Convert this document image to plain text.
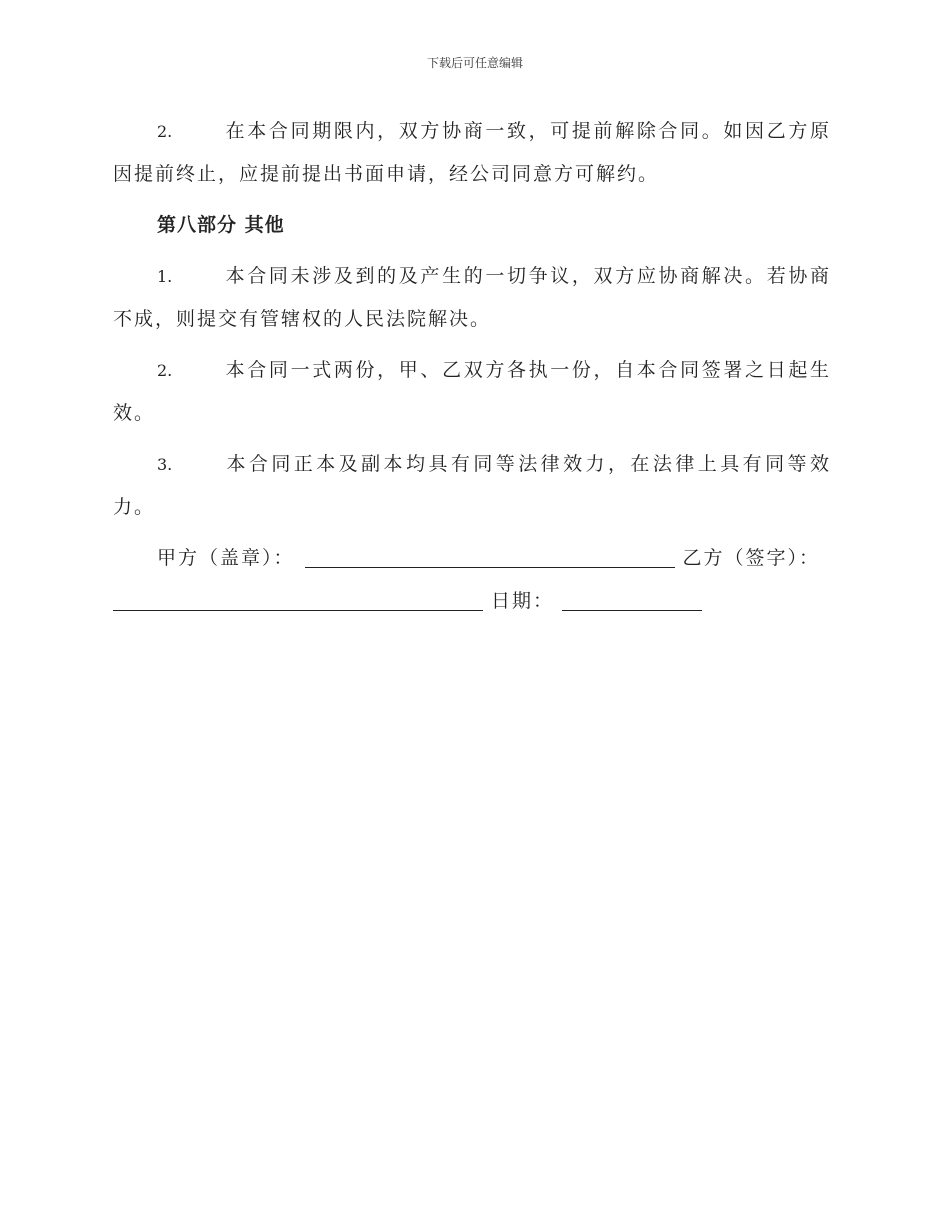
下载后可任意编辑

2.	在本合同期限内，双方协商一致，可提前解除合同。如因乙方原因提前终止，应提前提出书面申请，经公司同意方可解约。

第八部分 其他

1.	本合同未涉及到的及产生的一切争议，双方应协商解决。若协商不成，则提交有管辖权的人民法院解决。

2.	本合同一式两份，甲、乙双方各执一份，自本合同签署之日起生效。

3.	本合同正本及副本均具有同等法律效力，在法律上具有同等效力。

甲方（盖章）：	乙方（签字）：
日期：
